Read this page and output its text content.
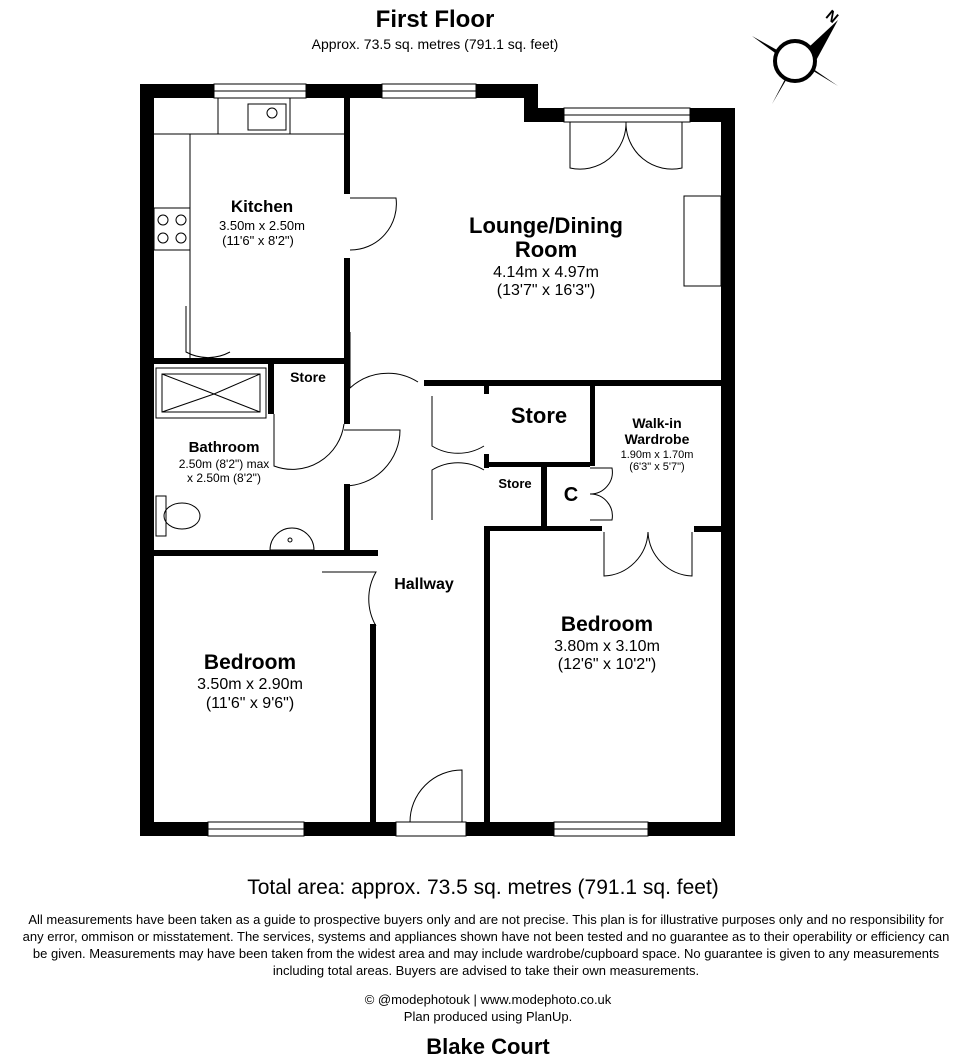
First Floor
Approx. 73.5 sq. metres (791.1 sq. feet)
N
Kitchen
3.50m x 2.50m
(11'6" x 8'2")
Lounge/Dining
Room
4.14m x 4.97m
(13'7" x 16'3")
Store
Store
Store
Walk-in
Wardrobe
1.90m x 1.70m
(6'3" x 5'7")
C
Bathroom
2.50m (8'2") max
x 2.50m (8'2")
Hallway
Bedroom
3.80m x 3.10m
(12'6" x 10'2")
Bedroom
3.50m x 2.90m
(11'6" x 9'6")
Total area: approx. 73.5 sq. metres (791.1 sq. feet)
All measurements have been taken as a guide to prospective buyers only and are not precise. This plan is for illustrative purposes only and no responsibility for any error, ommison or misstatement. The services, systems and appliances shown have not been tested and no guarantee as to their operability or efficiency can be given. Measurements may have been taken from the widest area and may include wardrobe/cupboard space. No guarantee is given to any measurements including total areas. Buyers are advised to take their own measurements.
© @modephotouk | www.modephoto.co.uk
Plan produced using PlanUp.
Blake Court
